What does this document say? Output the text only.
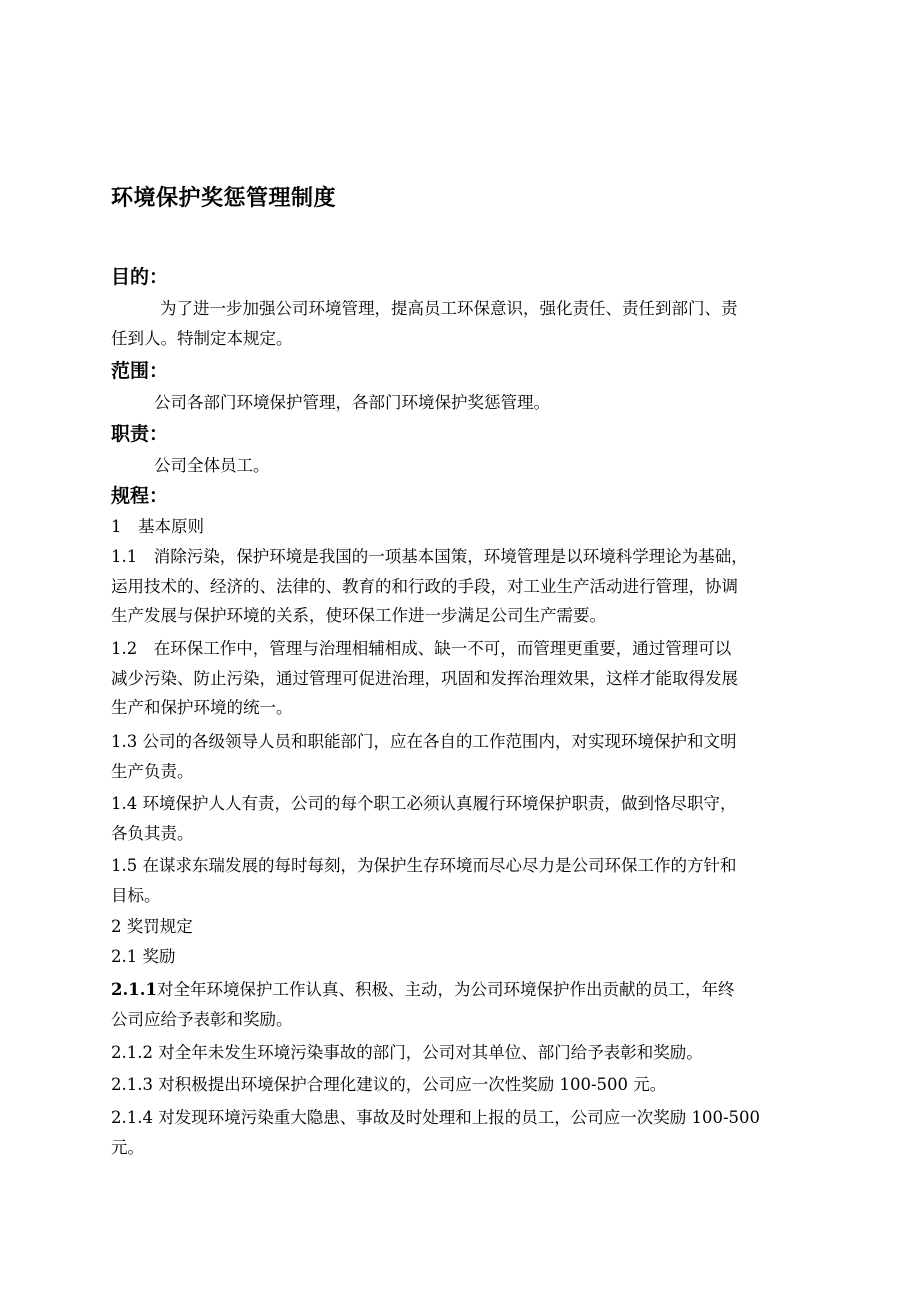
环境保护奖惩管理制度
目的：
为了进一步加强公司环境管理，提高员工环保意识，强化责任、责任到部门、责
任到人。特制定本规定。
范围：
公司各部门环境保护管理，各部门环境保护奖惩管理。
职责：
公司全体员工。
规程：
1　基本原则
1.1　消除污染，保护环境是我国的一项基本国策，环境管理是以环境科学理论为基础，
运用技术的、经济的、法律的、教育的和行政的手段，对工业生产活动进行管理，协调
生产发展与保护环境的关系，使环保工作进一步满足公司生产需要。
1.2　在环保工作中，管理与治理相辅相成、缺一不可，而管理更重要，通过管理可以
减少污染、防止污染，通过管理可促进治理，巩固和发挥治理效果，这样才能取得发展
生产和保护环境的统一。
1.3 公司的各级领导人员和职能部门，应在各自的工作范围内，对实现环境保护和文明
生产负责。
1.4 环境保护人人有责，公司的每个职工必须认真履行环境保护职责，做到恪尽职守，
各负其责。
1.5 在谋求东瑞发展的每时每刻，为保护生存环境而尽心尽力是公司环保工作的方针和
目标。
2 奖罚规定
2.1 奖励
2.1.1对全年环境保护工作认真、积极、主动，为公司环境保护作出贡献的员工，年终
公司应给予表彰和奖励。
2.1.2 对全年未发生环境污染事故的部门，公司对其单位、部门给予表彰和奖励。
2.1.3 对积极提出环境保护合理化建议的，公司应一次性奖励 100-500 元。
2.1.4 对发现环境污染重大隐患、事故及时处理和上报的员工，公司应一次奖励 100-500
元。
